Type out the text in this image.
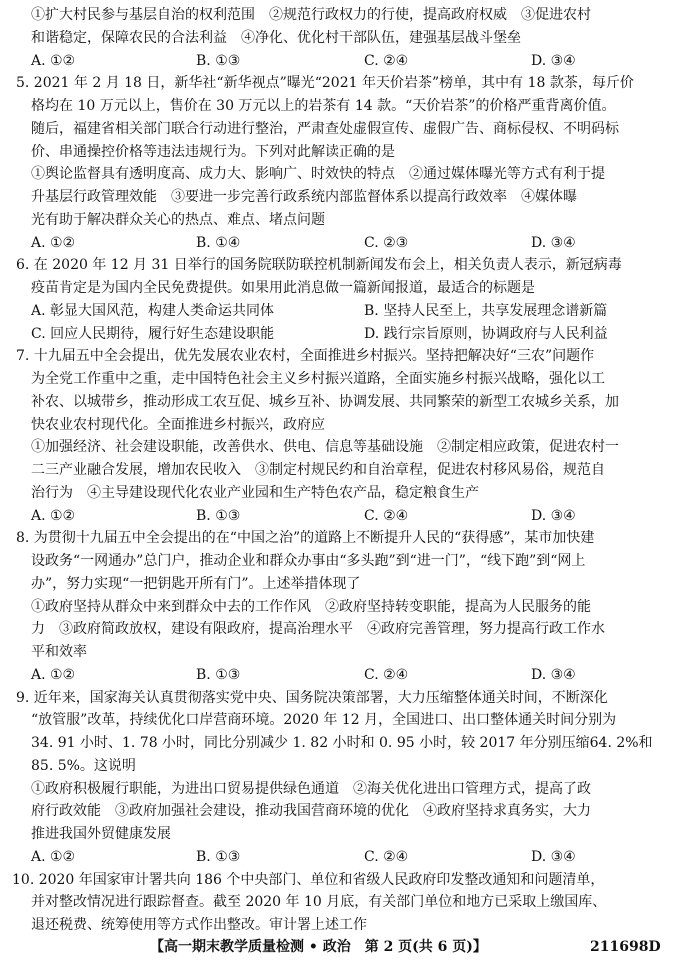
①扩大村民参与基层自治的权利范围　②规范行政权力的行使，提高政府权威　③促进农村
和谐稳定，保障农民的合法利益　④净化、优化村干部队伍，建强基层战斗堡垒
A. ①②	B. ①③	C. ②④	D. ③④
5. 2021 年 2 月 18 日，新华社“新华视点”曝光“2021 年天价岩茶”榜单，其中有 18 款茶，每斤价
格均在 10 万元以上，售价在 30 万元以上的岩茶有 14 款。“天价岩茶”的价格严重背离价值。
随后，福建省相关部门联合行动进行整治，严肃查处虚假宣传、虚假广告、商标侵权、不明码标
价、串通操控价格等违法违规行为。下列对此解读正确的是
①舆论监督具有透明度高、成力大、影响广、时效快的特点　②通过媒体曝光等方式有利于提
升基层行政管理效能　③要进一步完善行政系统内部监督体系以提高行政效率　④媒体曝
光有助于解决群众关心的热点、难点、堵点问题
A. ①②	B. ①④	C. ②③	D. ③④
6. 在 2020 年 12 月 31 日举行的国务院联防联控机制新闻发布会上，相关负责人表示，新冠病毒
疫苗肯定是为国内全民免费提供。如果用此消息做一篇新闻报道，最适合的标题是
A. 彰显大国风范，构建人类命运共同体	B. 坚持人民至上，共享发展理念谱新篇
C. 回应人民期待，履行好生态建设职能	D. 践行宗旨原则，协调政府与人民利益
7. 十九届五中全会提出，优先发展农业农村，全面推进乡村振兴。坚持把解决好“三农”问题作
为全党工作重中之重，走中国特色社会主义乡村振兴道路，全面实施乡村振兴战略，强化以工
补农、以城带乡，推动形成工农互促、城乡互补、协调发展、共同繁荣的新型工农城乡关系，加
快农业农村现代化。全面推进乡村振兴，政府应
①加强经济、社会建设职能，改善供水、供电、信息等基础设施　②制定相应政策，促进农村一
二三产业融合发展，增加农民收入　③制定村规民约和自治章程，促进农村移风易俗，规范自
治行为　④主导建设现代化农业产业园和生产特色农产品，稳定粮食生产
A. ①②	B. ①③	C. ②④	D. ③④
8. 为贯彻十九届五中全会提出的在“中国之治”的道路上不断提升人民的“获得感”，某市加快建
设政务“一网通办”总门户，推动企业和群众办事由“多头跑”到“进一门”，“线下跑”到“网上
办”，努力实现“一把钥匙开所有门”。上述举措体现了
①政府坚持从群众中来到群众中去的工作作风　②政府坚持转变职能，提高为人民服务的能
力　③政府简政放权，建设有限政府，提高治理水平　④政府完善管理，努力提高行政工作水
平和效率
A. ①②	B. ①③	C. ②④	D. ③④
9. 近年来，国家海关认真贯彻落实党中央、国务院决策部署，大力压缩整体通关时间，不断深化
“放管服”改革，持续优化口岸营商环境。2020 年 12 月，全国进口、出口整体通关时间分别为
34. 91 小时、1. 78 小时，同比分别减少 1. 82 小时和 0. 95 小时，较 2017 年分别压缩64. 2%和
85. 5%。这说明
①政府积极履行职能，为进出口贸易提供绿色通道　②海关优化进出口管理方式，提高了政
府行政效能　③政府加强社会建设，推动我国营商环境的优化　④政府坚持求真务实，大力
推进我国外贸健康发展
A. ①②	B. ①③	C. ②④	D. ③④
10. 2020 年国家审计署共向 186 个中央部门、单位和省级人民政府印发整改通知和问题清单，
并对整改情况进行跟踪督查。截至 2020 年 10 月底，有关部门单位和地方已采取上缴国库、
退还税费、统筹使用等方式作出整改。审计署上述工作
【高一期末教学质量检测 • 政治　第 2 页(共 6 页)】	211698D
